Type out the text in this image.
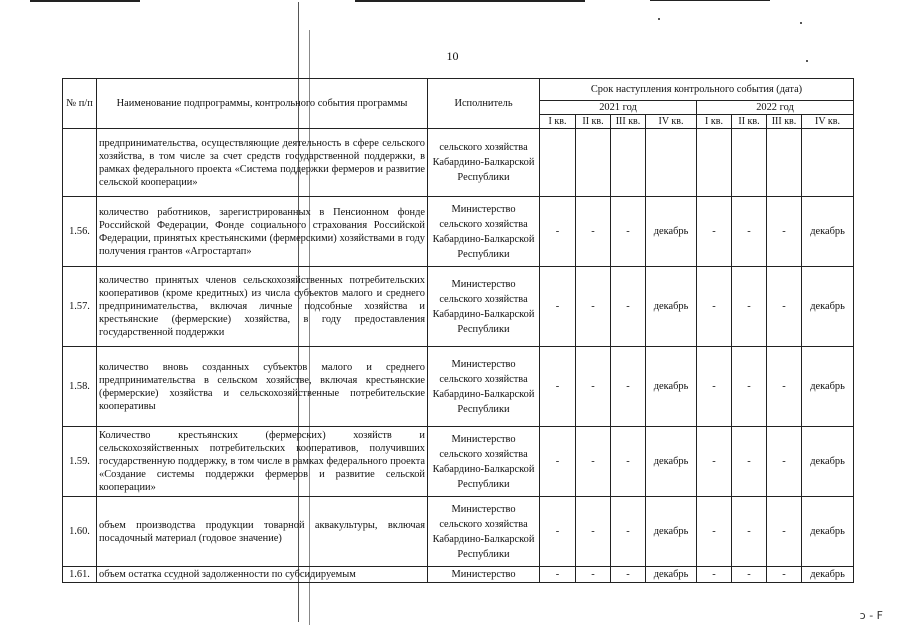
10
№ п/п	Наименование подпрограммы, контрольного события программы	Исполнитель	Срок наступления контрольного события (дата)							
			2021 год				2022 год			
			I кв.	II кв.	III кв.	IV кв.	I кв.	II кв.	III кв.	IV кв.
	предпринимательства, осуществляющие деятельность в сфере сельского хозяйства, в том числе за счет средств государственной поддержки, в рамках федерального проекта «Система поддержки фермеров и развитие сельской кооперации»	сельского хозяйства Кабардино-Балкарской Республики								
1.56.	количество работников, зарегистрированных в Пенсионном фонде Российской Федерации, Фонде социального страхования Российской Федерации, принятых крестьянскими (фермерскими) хозяйствами в году получения грантов «Агростартап»	Министерство сельского хозяйства Кабардино-Балкарской Республики	-	-	-	декабрь	-	-	-	декабрь
1.57.	количество принятых членов сельскохозяйственных потребительских кооперативов (кроме кредитных) из числа субъектов малого и среднего предпринимательства, включая личные подсобные хозяйства и крестьянские (фермерские) хозяйства, в году предоставления государственной поддержки	Министерство сельского хозяйства Кабардино-Балкарской Республики	-	-	-	декабрь	-	-	-	декабрь
1.58.	количество вновь созданных субъектов малого и среднего предпринимательства в сельском хозяйстве, включая крестьянские (фермерские) хозяйства и сельскохозяйственные потребительские кооперативы	Министерство сельского хозяйства Кабардино-Балкарской Республики	-	-	-	декабрь	-	-	-	декабрь
1.59.	Количество крестьянских (фермерских) хозяйств и сельскохозяйственных потребительских кооперативов, получивших государственную поддержку, в том числе в рамках федерального проекта «Создание системы поддержки фермеров и развитие сельской кооперации»	Министерство сельского хозяйства Кабардино-Балкарской Республики	-	-	-	декабрь	-	-	-	декабрь
1.60.	объем производства продукции товарной аквакультуры, включая посадочный материал (годовое значение)	Министерство сельского хозяйства Кабардино-Балкарской Республики	-	-	-	декабрь	-	-	-	декабрь
1.61.	объем остатка ссудной задолженности по субсидируемым	Министерство	-	-	-	декабрь	-	-	-	декабрь
ↄ ‑ F
